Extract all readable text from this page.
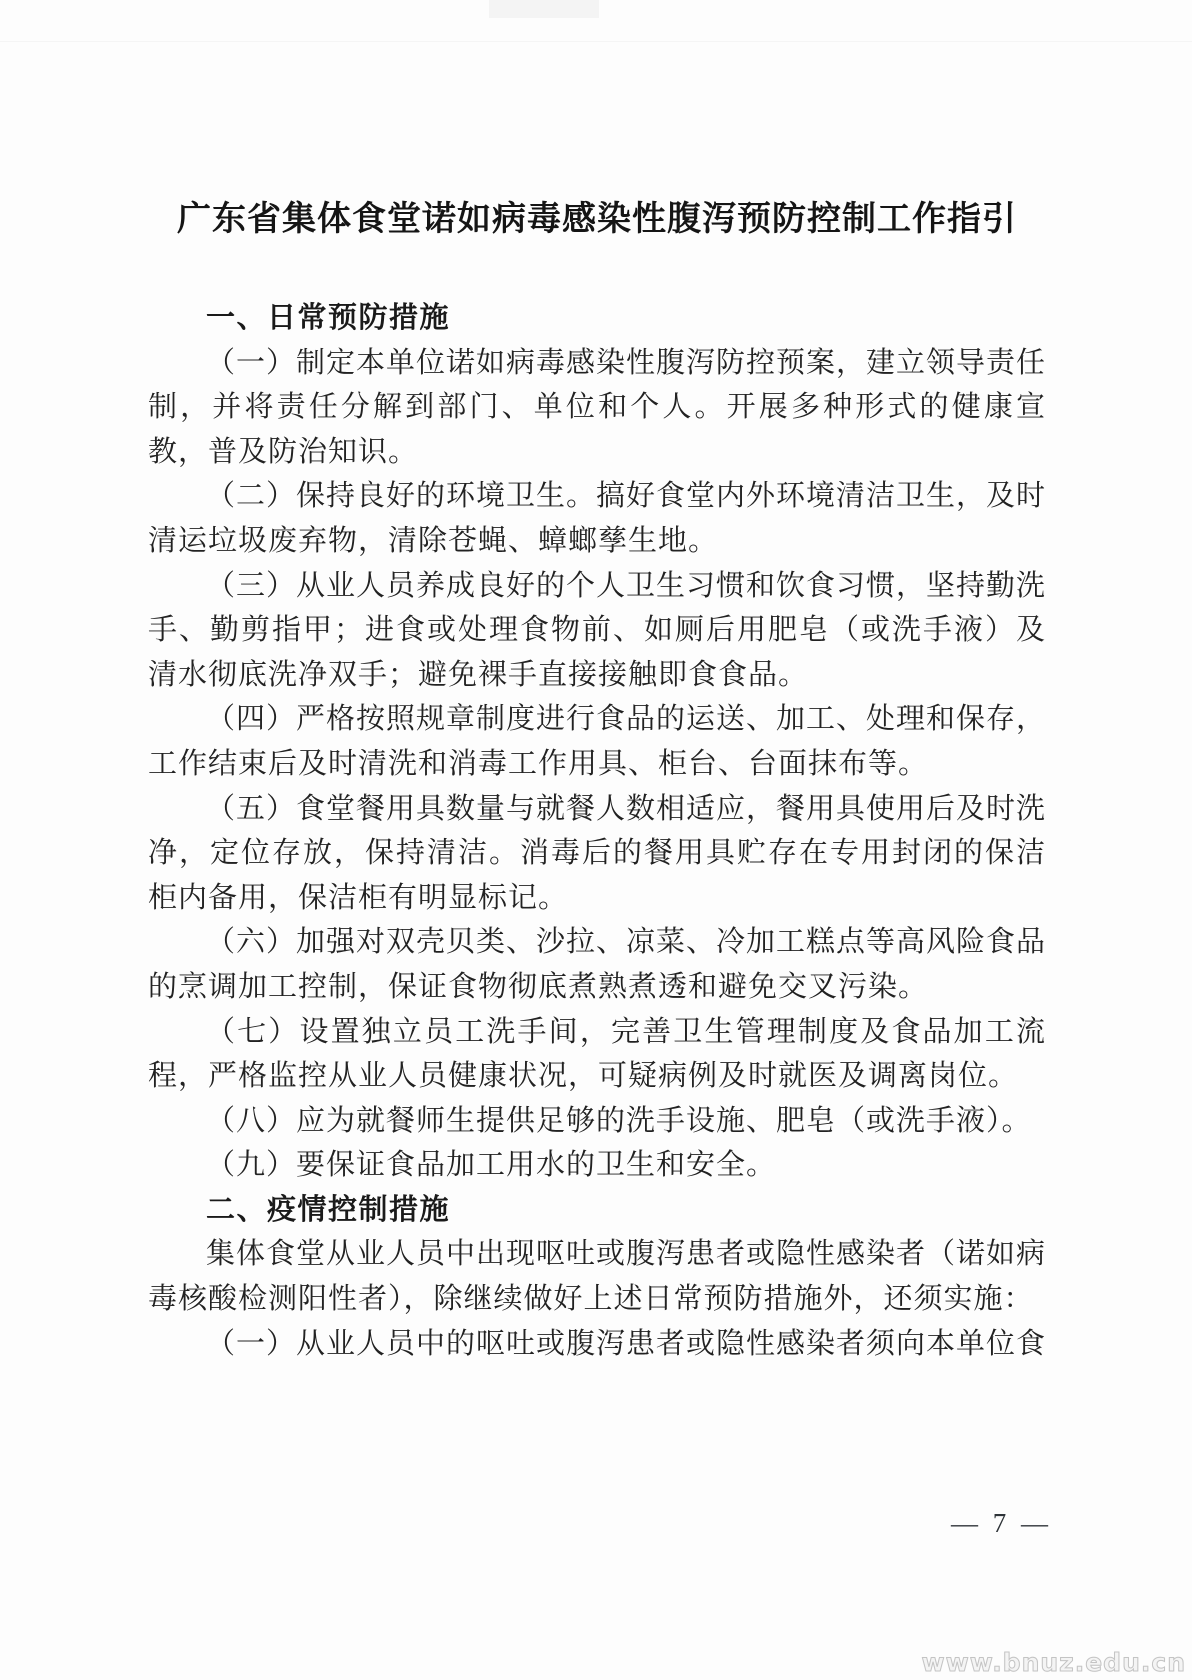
广东省集体食堂诺如病毒感染性腹泻预防控制工作指引
一、日常预防措施

（一）制定本单位诺如病毒感染性腹泻防控预案，建立领导责任制，并将责任分解到部门、单位和个人。开展多种形式的健康宣教，普及防治知识。

（二）保持良好的环境卫生。搞好食堂内外环境清洁卫生，及时清运垃圾废弃物，清除苍蝇、蟑螂孳生地。

（三）从业人员养成良好的个人卫生习惯和饮食习惯，坚持勤洗手、勤剪指甲；进食或处理食物前、如厕后用肥皂（或洗手液）及清水彻底洗净双手；避免裸手直接接触即食食品。

（四）严格按照规章制度进行食品的运送、加工、处理和保存，工作结束后及时清洗和消毒工作用具、柜台、台面抹布等。

（五）食堂餐用具数量与就餐人数相适应，餐用具使用后及时洗净，定位存放，保持清洁。消毒后的餐用具贮存在专用封闭的保洁柜内备用，保洁柜有明显标记。

（六）加强对双壳贝类、沙拉、凉菜、冷加工糕点等高风险食品的烹调加工控制，保证食物彻底煮熟煮透和避免交叉污染。

（七）设置独立员工洗手间，完善卫生管理制度及食品加工流程，严格监控从业人员健康状况，可疑病例及时就医及调离岗位。

（八）应为就餐师生提供足够的洗手设施、肥皂（或洗手液）。

（九）要保证食品加工用水的卫生和安全。

二、疫情控制措施

集体食堂从业人员中出现呕吐或腹泻患者或隐性感染者（诺如病毒核酸检测阳性者），除继续做好上述日常预防措施外，还须实施：

（一）从业人员中的呕吐或腹泻患者或隐性感染者须向本单位食

— 7 —
www.bnuz.edu.cn
